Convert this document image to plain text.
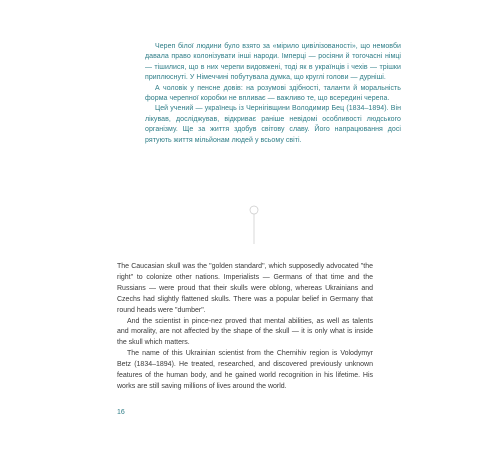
Череп білої людини було взято за «мірило цивілізованості», що немовби давала право колонізувати інші народи. Імперці — росіяни й тогочасні німці — тішилися, що в них черепи видовжені, тоді як в українців і чехів — трішки приплюснуті. У Німеччині побутувала думка, що круглі голови — дурніші.

А чоловік у пенсне довів: на розумові здібності, таланти й моральність форма черепної коробки не впливає — важливо те, що всередині черепа.

Цей учений — українець із Чернігівщини Володимир Бец (1834–1894). Він лікував, досліджував, відкриває раніше невідомі особливості людського організму. Ще за життя здобув світову славу. Його напрацювання досі рятують життя мільйонам людей у всьому світі.

The Caucasian skull was the "golden standard", which supposedly advocated "the right" to colonize other nations. Imperialists — Germans of that time and the Russians — were proud that their skulls were oblong, whereas Ukrainians and Czechs had slightly flattened skulls. There was a popular belief in Germany that round heads were "dumber".

And the scientist in pince-nez proved that mental abilities, as well as talents and morality, are not affected by the shape of the skull — it is only what is inside the skull which matters.

The name of this Ukrainian scientist from the Chernihiv region is Volodymyr Betz (1834–1894). He treated, researched, and discovered previously unknown features of the human body, and he gained world recognition in his lifetime. His works are still saving millions of lives around the world.

16
